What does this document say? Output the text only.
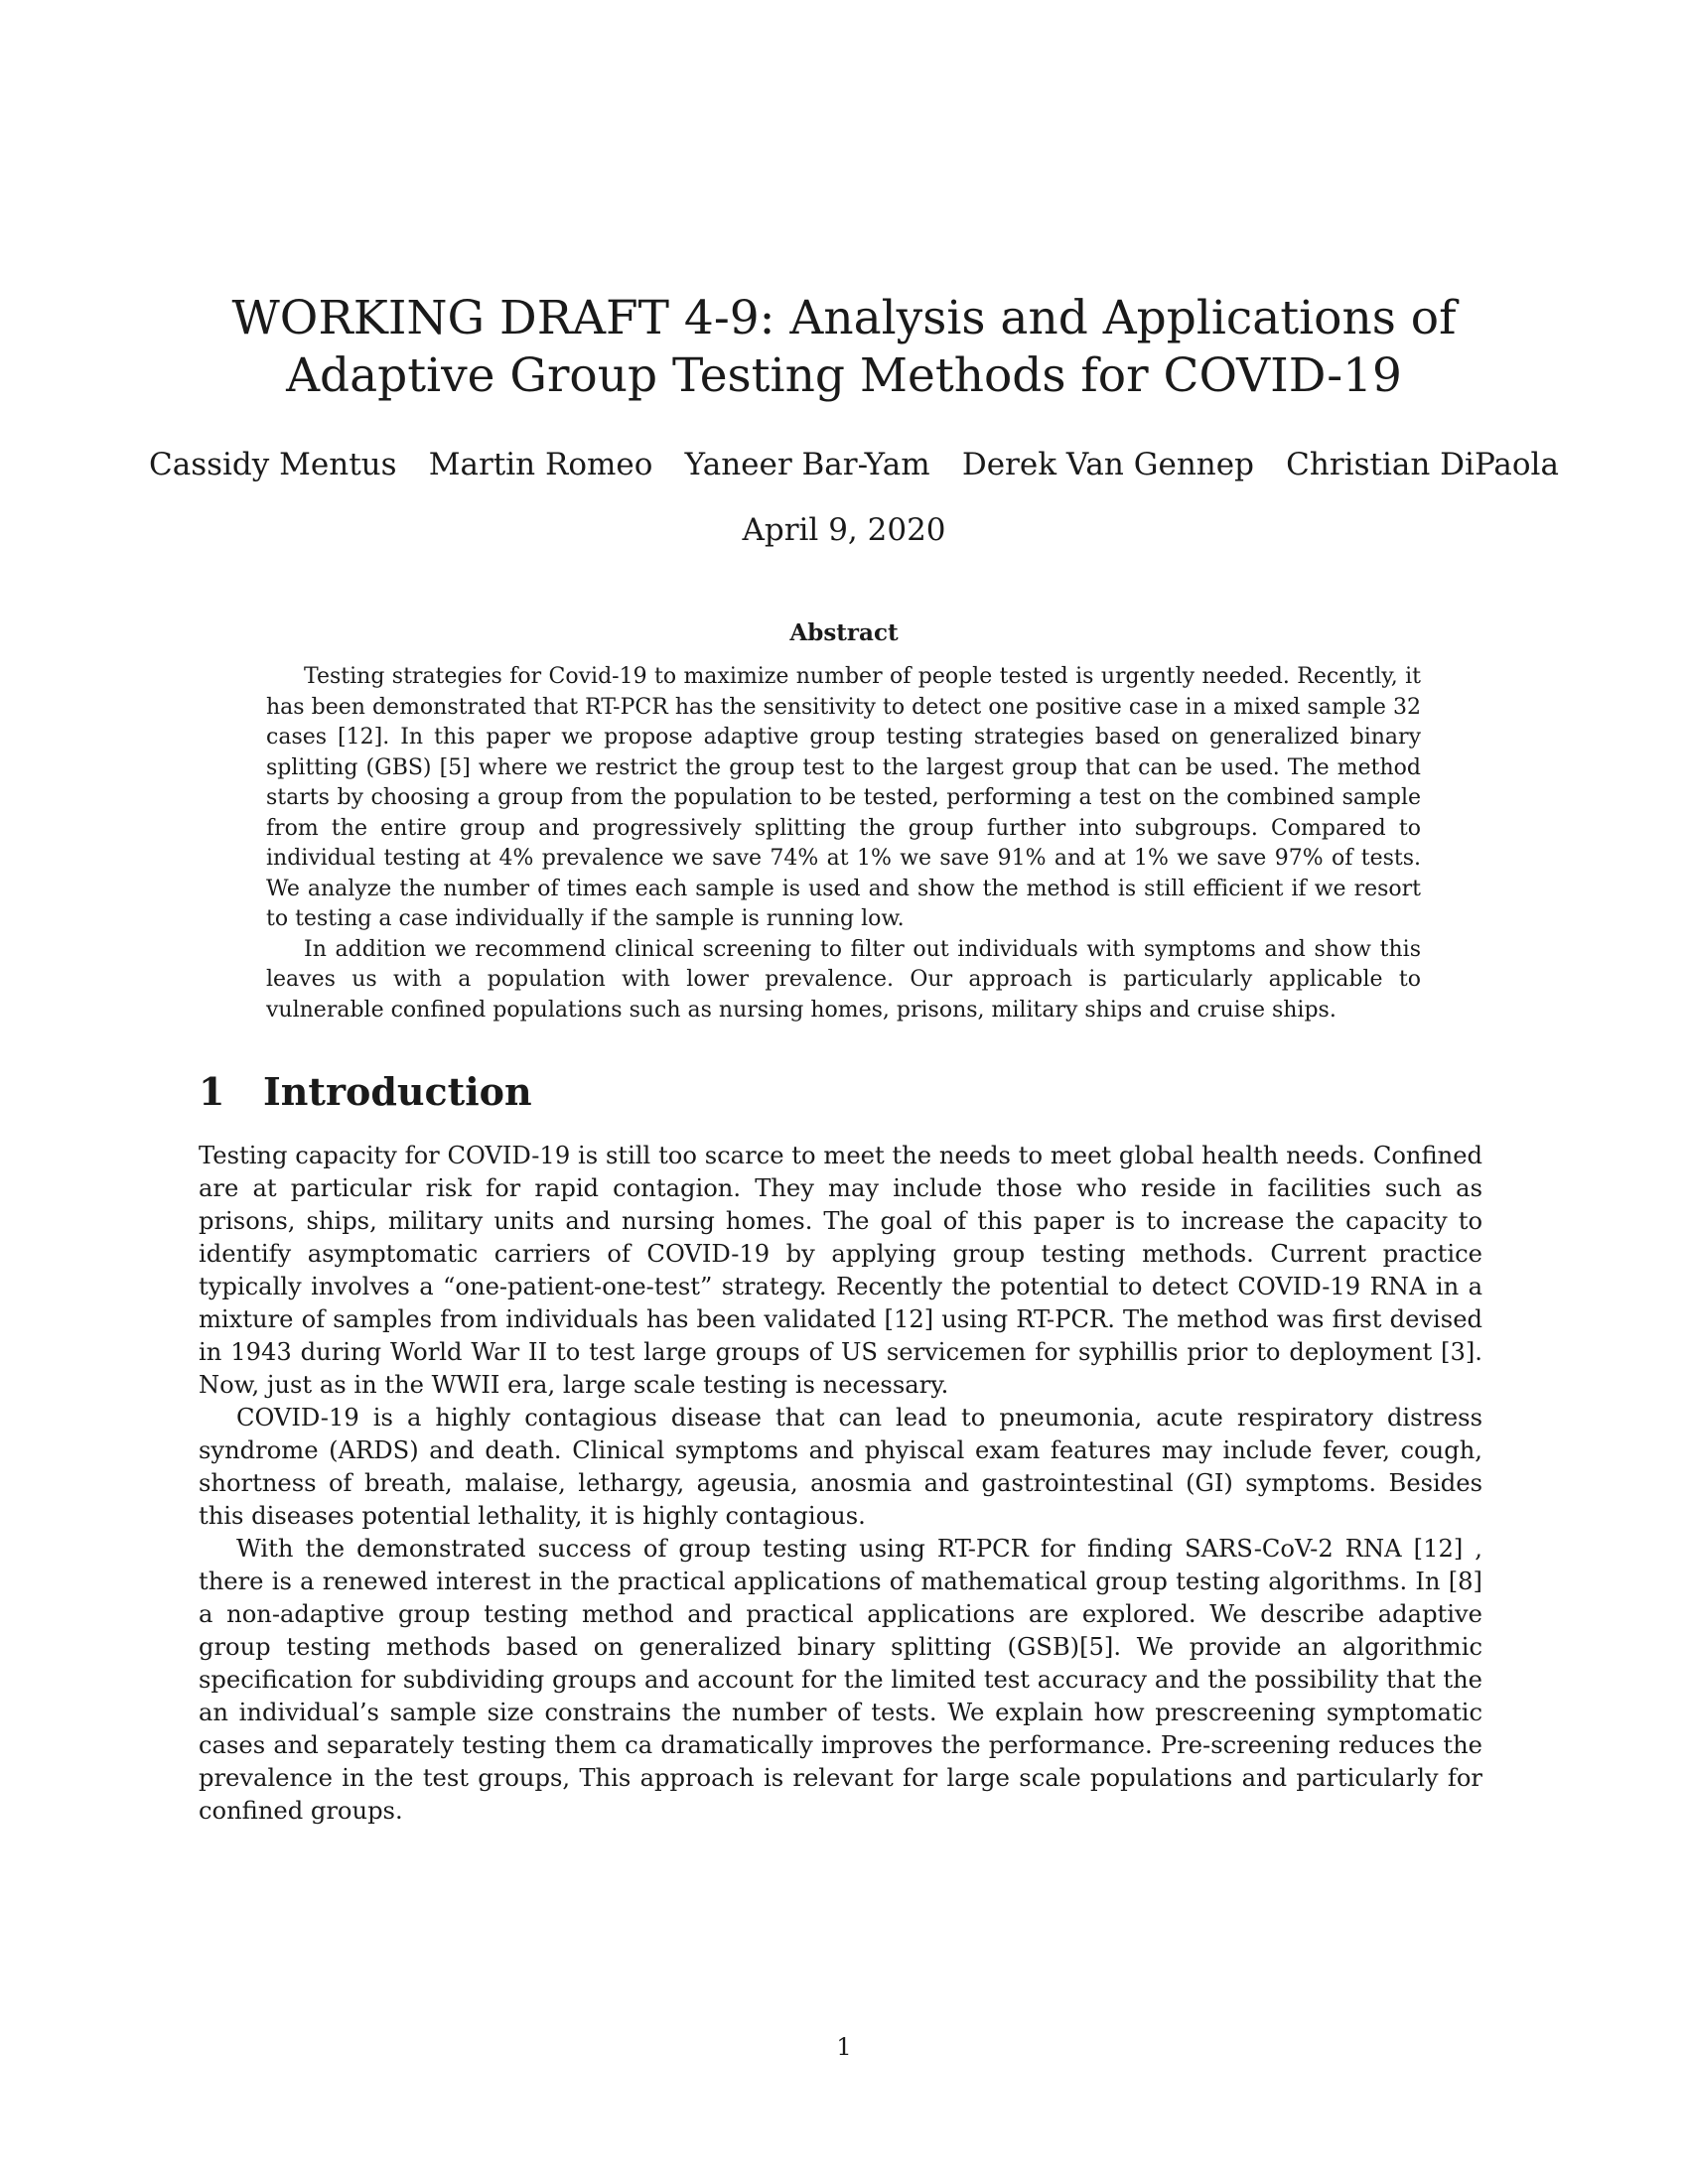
WORKING DRAFT 4-9: Analysis and Applications of Adaptive Group Testing Methods for COVID-19
Cassidy Mentus Martin Romeo Yaneer Bar-Yam Derek Van Gennep Christian DiPaola
April 9, 2020
Abstract

Testing strategies for Covid-19 to maximize number of people tested is urgently needed. Recently, it has been demonstrated that RT-PCR has the sensitivity to detect one positive case in a mixed sample 32 cases [12]. In this paper we propose adaptive group testing strategies based on generalized binary splitting (GBS) [5] where we restrict the group test to the largest group that can be used. The method starts by choosing a group from the population to be tested, performing a test on the combined sample from the entire group and progressively splitting the group further into subgroups. Compared to individual testing at 4% prevalence we save 74% at 1% we save 91% and at 1% we save 97% of tests. We analyze the number of times each sample is used and show the method is still efficient if we resort to testing a case individually if the sample is running low.

In addition we recommend clinical screening to filter out individuals with symptoms and show this leaves us with a population with lower prevalence. Our approach is particularly applicable to vulnerable confined populations such as nursing homes, prisons, military ships and cruise ships.

1 Introduction

Testing capacity for COVID-19 is still too scarce to meet the needs to meet global health needs. Confined are at particular risk for rapid contagion. They may include those who reside in facilities such as prisons, ships, military units and nursing homes. The goal of this paper is to increase the capacity to identify asymptomatic carriers of COVID-19 by applying group testing methods. Current practice typically involves a “one-patient-one-test” strategy. Recently the potential to detect COVID-19 RNA in a mixture of samples from individuals has been validated [12] using RT-PCR. The method was first devised in 1943 during World War II to test large groups of US servicemen for syphillis prior to deployment [3]. Now, just as in the WWII era, large scale testing is necessary.

COVID-19 is a highly contagious disease that can lead to pneumonia, acute respiratory distress syndrome (ARDS) and death. Clinical symptoms and phyiscal exam features may include fever, cough, shortness of breath, malaise, lethargy, ageusia, anosmia and gastrointestinal (GI) symptoms. Besides this diseases potential lethality, it is highly contagious.

With the demonstrated success of group testing using RT-PCR for finding SARS-CoV-2 RNA [12] , there is a renewed interest in the practical applications of mathematical group testing algorithms. In [8] a non-adaptive group testing method and practical applications are explored. We describe adaptive group testing methods based on generalized binary splitting (GSB)[5]. We provide an algorithmic specification for subdividing groups and account for the limited test accuracy and the possibility that the an individual’s sample size constrains the number of tests. We explain how prescreening symptomatic cases and separately testing them ca dramatically improves the performance. Pre-screening reduces the prevalence in the test groups, This approach is relevant for large scale populations and particularly for confined groups.

1
